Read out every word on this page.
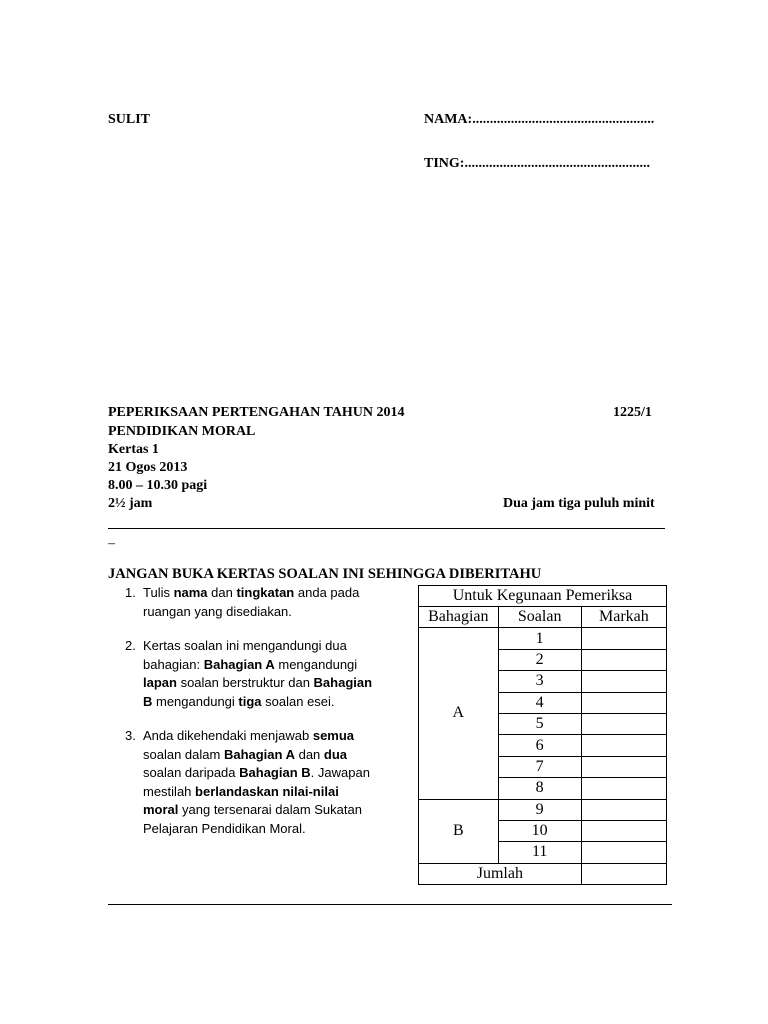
SULIT	NAMA:....................................................
TING:.....................................................
PEPERIKSAAN PERTENGAHAN TAHUN 2014	1225/1
PENDIDIKAN MORAL
Kertas 1
21 Ogos 2013
8.00 – 10.30 pagi
2½ jam	Dua jam tiga puluh minit
–
JANGAN BUKA KERTAS SOALAN INI SEHINGGA DIBERITAHU
1. Tulis nama dan tingkatan anda pada
ruangan yang disediakan.
2. Kertas soalan ini mengandungi dua
bahagian: Bahagian A mengandungi
lapan soalan berstruktur dan Bahagian
B mengandungi tiga soalan esei.
3. Anda dikehendaki menjawab semua
soalan dalam Bahagian A dan dua
soalan daripada Bahagian B. Jawapan
mestilah berlandaskan nilai-nilai
moral yang tersenarai dalam Sukatan
Pelajaran Pendidikan Moral.
Untuk Kegunaan Pemeriksa		
Bahagian	Soalan	Markah
A	1	
	2	
	3	
	4	
	5	
	6	
	7	
	8	
B	9	
	10	
	11	
Jumlah		
